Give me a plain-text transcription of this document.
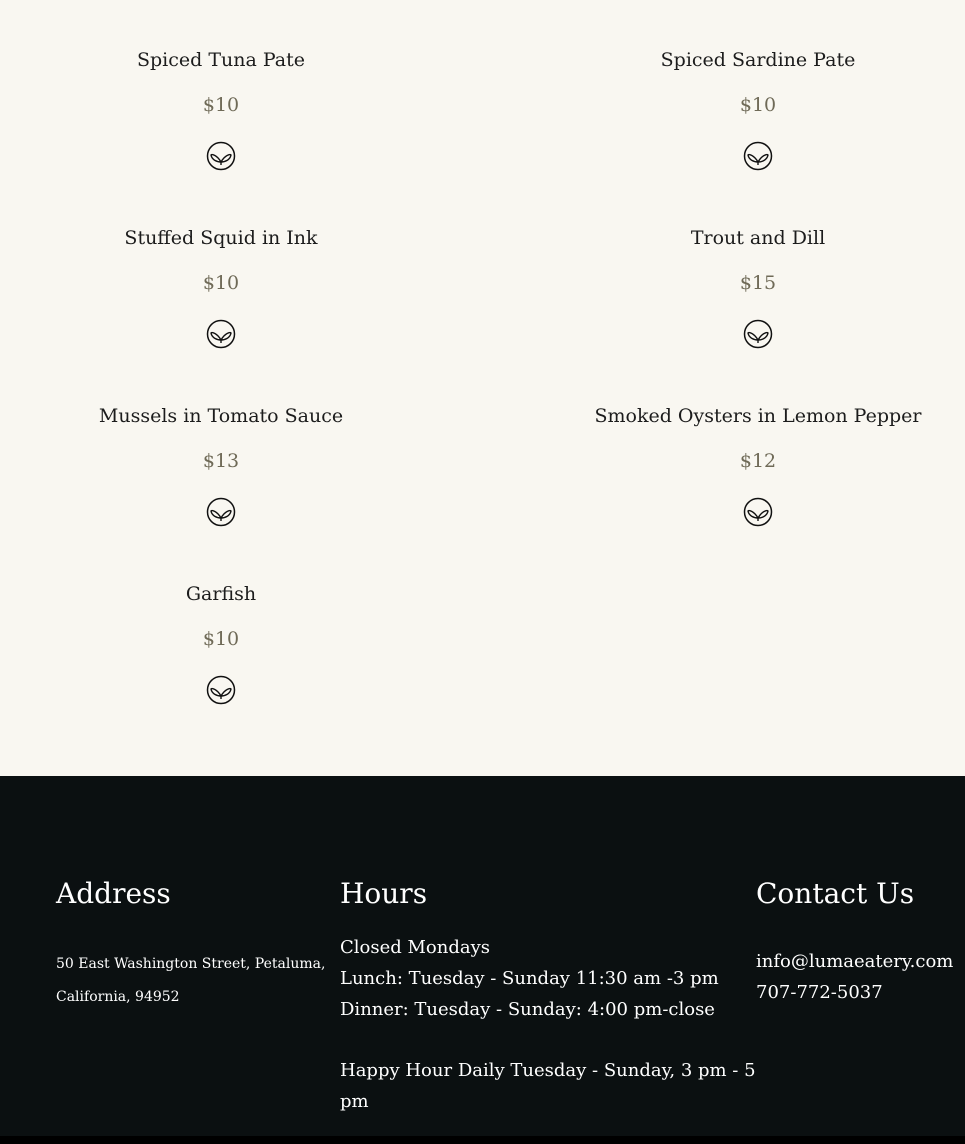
Spiced Tuna Pate
$10
Spiced Sardine Pate
$10
Stuffed Squid in Ink
$10
Trout and Dill
$15
Mussels in Tomato Sauce
$13
Smoked Oysters in Lemon Pepper
$12
Garfish
$10
Address
50 East Washington Street, Petaluma,
California, 94952
Hours
Closed Mondays
Lunch: Tuesday - Sunday 11:30 am -3 pm
Dinner: Tuesday - Sunday: 4:00 pm-close
Happy Hour Daily Tuesday - Sunday, 3 pm - 5
pm
Contact Us
info@lumaeatery.com
707-772-5037
